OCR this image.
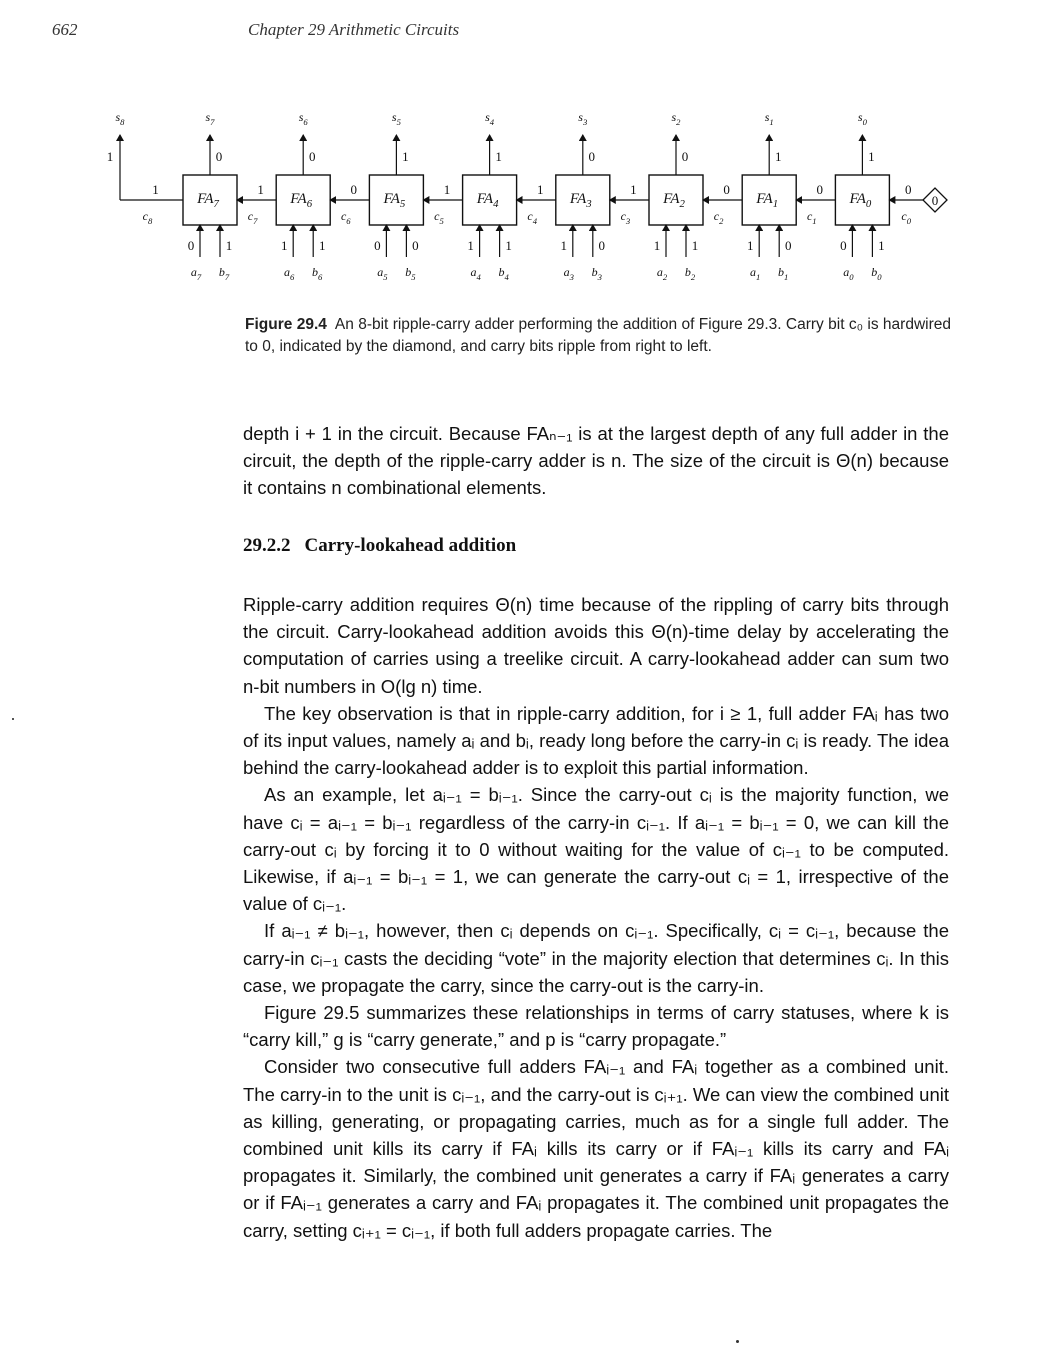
662	Chapter 29 Arithmetic Circuits
$FA_7$
0
$s_7$
0 1
$a_7$ $b_7$
1
$c_8$
$FA_6$
0
$s_6$
1 1
$a_6$ $b_6$
1
$c_7$
$FA_5$
1
$s_5$
0 0
$a_5$ $b_5$
0
$c_6$
$FA_4$
1
$s_4$
1 1
$a_4$ $b_4$
1
$c_5$
$FA_3$
0
$s_3$
1 0
$a_3$ $b_3$
1
$c_4$
$FA_2$
0
$s_2$
1 1
$a_2$ $b_2$
1
$c_3$
$FA_1$
1
$s_1$
1 0
$a_1$ $b_1$
0
$c_2$
$FA_0$
1
$s_0$
0 1
$a_0$ $b_0$
0
$c_1$
1
$s_8$
0
0
$c_0$
Figure 29.4 An 8-bit ripple-carry adder performing the addition of Figure 29.3. Carry bit c₀ is hardwired to 0, indicated by the diamond, and carry bits ripple from right to left.

depth i + 1 in the circuit. Because FAₙ₋₁ is at the largest depth of any full adder in the circuit, the depth of the ripple-carry adder is n. The size of the circuit is Θ(n) because it contains n combinational elements.

29.2.2 Carry-lookahead addition

Ripple-carry addition requires Θ(n) time because of the rippling of carry bits through the circuit. Carry-lookahead addition avoids this Θ(n)-time delay by accelerating the computation of carries using a treelike circuit. A carry-lookahead adder can sum two n-bit numbers in O(lg n) time.

The key observation is that in ripple-carry addition, for i ≥ 1, full adder FAᵢ has two of its input values, namely aᵢ and bᵢ, ready long before the carry-in cᵢ is ready. The idea behind the carry-lookahead adder is to exploit this partial information.

As an example, let aᵢ₋₁ = bᵢ₋₁. Since the carry-out cᵢ is the majority function, we have cᵢ = aᵢ₋₁ = bᵢ₋₁ regardless of the carry-in cᵢ₋₁. If aᵢ₋₁ = bᵢ₋₁ = 0, we can kill the carry-out cᵢ by forcing it to 0 without waiting for the value of cᵢ₋₁ to be computed. Likewise, if aᵢ₋₁ = bᵢ₋₁ = 1, we can generate the carry-out cᵢ = 1, irrespective of the value of cᵢ₋₁.

If aᵢ₋₁ ≠ bᵢ₋₁, however, then cᵢ depends on cᵢ₋₁. Specifically, cᵢ = cᵢ₋₁, because the carry-in cᵢ₋₁ casts the deciding “vote” in the majority election that determines cᵢ. In this case, we propagate the carry, since the carry-out is the carry-in.

Figure 29.5 summarizes these relationships in terms of carry statuses, where k is “carry kill,” g is “carry generate,” and p is “carry propagate.”

Consider two consecutive full adders FAᵢ₋₁ and FAᵢ together as a combined unit. The carry-in to the unit is cᵢ₋₁, and the carry-out is cᵢ₊₁. We can view the combined unit as killing, generating, or propagating carries, much as for a single full adder. The combined unit kills its carry if FAᵢ kills its carry or if FAᵢ₋₁ kills its carry and FAᵢ propagates it. Similarly, the combined unit generates a carry if FAᵢ generates a carry or if FAᵢ₋₁ generates a carry and FAᵢ propagates it. The combined unit propagates the carry, setting cᵢ₊₁ = cᵢ₋₁, if both full adders propagate carries. The
